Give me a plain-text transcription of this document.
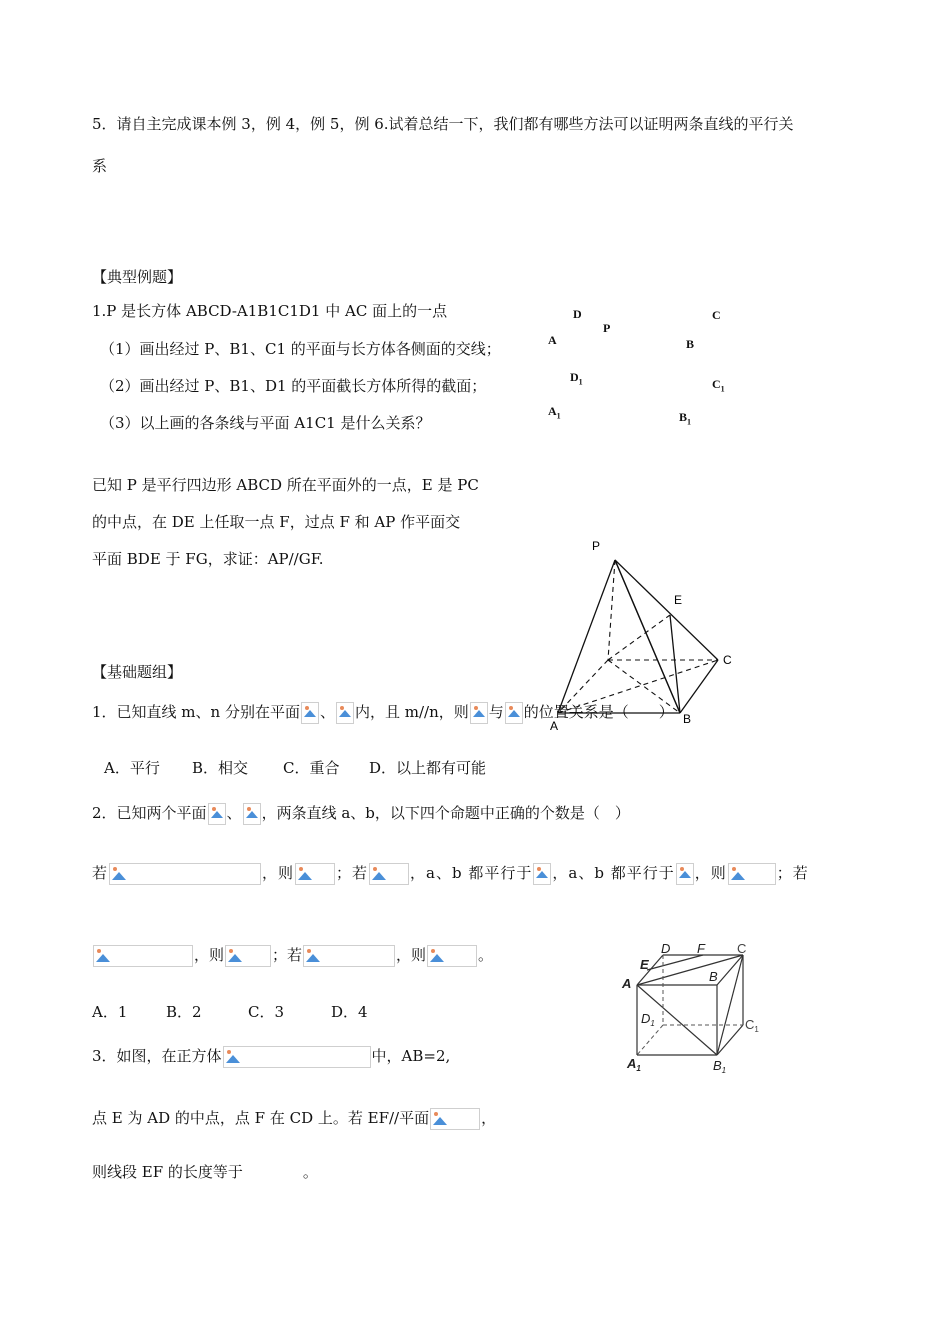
5．请自主完成课本例 3，例 4，例 5，例 6.试着总结一下，我们都有哪些方法可以证明两条直线的平行关
系
【典型例题】
1.P 是长方体 ABCD-A1B1C1D1 中 AC 面上的一点
（1）画出经过 P、B1、C1 的平面与长方体各侧面的交线；
（2）画出经过 P、B1、D1 的平面截长方体所得的截面；
（3）以上画的各条线与平面 A1C1 是什么关系？
D
P
C
A	B
$D_1$	$C_1$
$A_1$	$B_1$
已知 P 是平行四边形 ABCD 所在平面外的一点，E 是 PC
的中点，在 DE 上任取一点 F，过点 F 和 AP 作平面交
平面 BDE 于 FG，求证：AP//GF.
P
E
C
A	B
【基础题组】
1．已知直线 m、n 分别在平面 、 内，且 m//n，则 与 的位置关系是（　　）
A．平行 B．相交 C．重合 D．以上都有可能
2．已知两个平面 、 ，两条直线 a、b，以下四个命题中正确的个数是（　）
若	，则	；若	，a、b 都平行于 ，a、b 都平行于 ，则	；若
，则	；若	，则	。
A．1	B．2	C．3	D．4
3．如图，在正方体	中，AB=2,
点 E 为 AD 的中点，点 F 在 CD 上。若 EF//平面	，
则线段 EF 的长度等于	。
D F C
E
A	B
$D_1$	$C_1$
$A_1$	$B_1$
